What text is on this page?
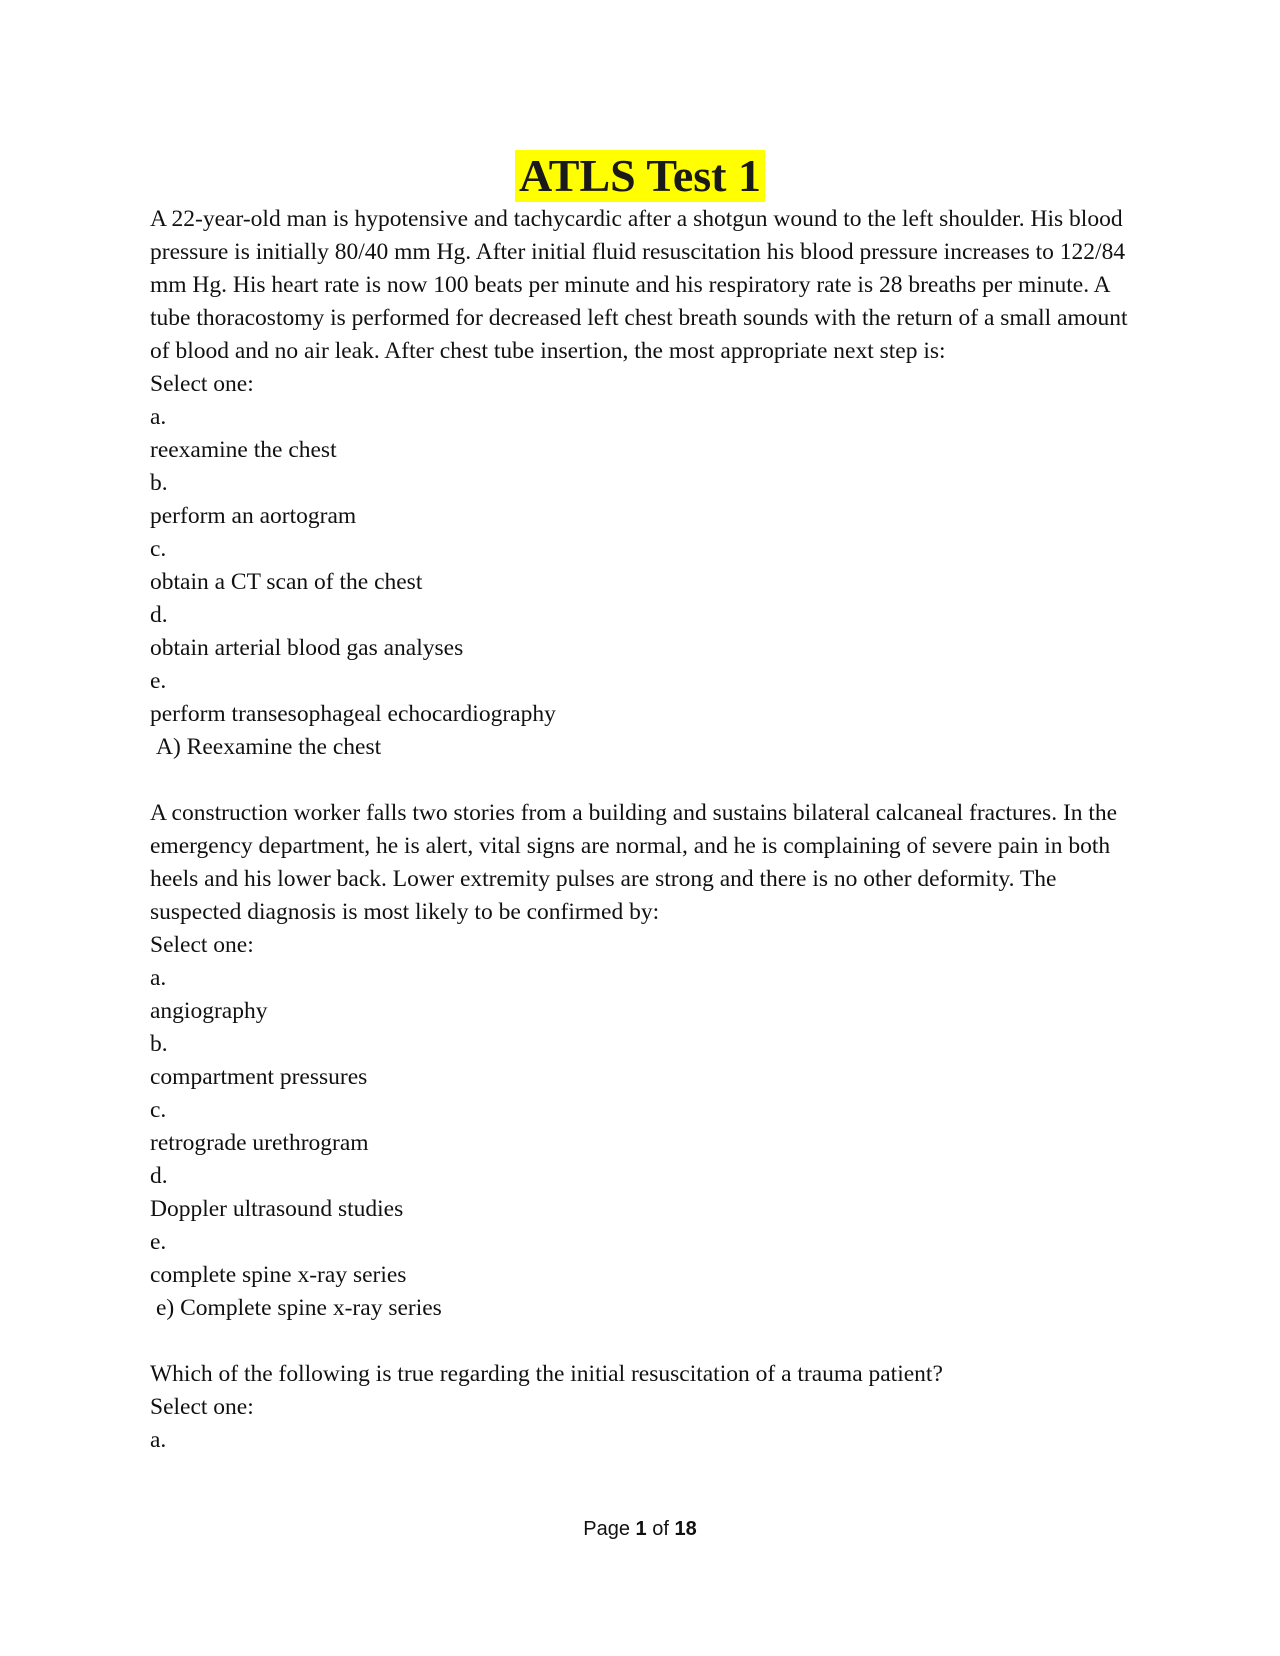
ATLS Test 1

A 22-year-old man is hypotensive and tachycardic after a shotgun wound to the left shoulder. His blood pressure is initially 80/40 mm Hg. After initial fluid resuscitation his blood pressure increases to 122/84 mm Hg. His heart rate is now 100 beats per minute and his respiratory rate is 28 breaths per minute. A tube thoracostomy is performed for decreased left chest breath sounds with the return of a small amount of blood and no air leak. After chest tube insertion, the most appropriate next step is:

Select one:

a.

reexamine the chest

b.

perform an aortogram

c.

obtain a CT scan of the chest

d.

obtain arterial blood gas analyses

e.

perform transesophageal echocardiography

A) Reexamine the chest

A construction worker falls two stories from a building and sustains bilateral calcaneal fractures. In the emergency department, he is alert, vital signs are normal, and he is complaining of severe pain in both heels and his lower back. Lower extremity pulses are strong and there is no other deformity. The suspected diagnosis is most likely to be confirmed by:

Select one:

a.

angiography

b.

compartment pressures

c.

retrograde urethrogram

d.

Doppler ultrasound studies

e.

complete spine x-ray series

e) Complete spine x-ray series

Which of the following is true regarding the initial resuscitation of a trauma patient?

Select one:

a.

Page 1 of 18
